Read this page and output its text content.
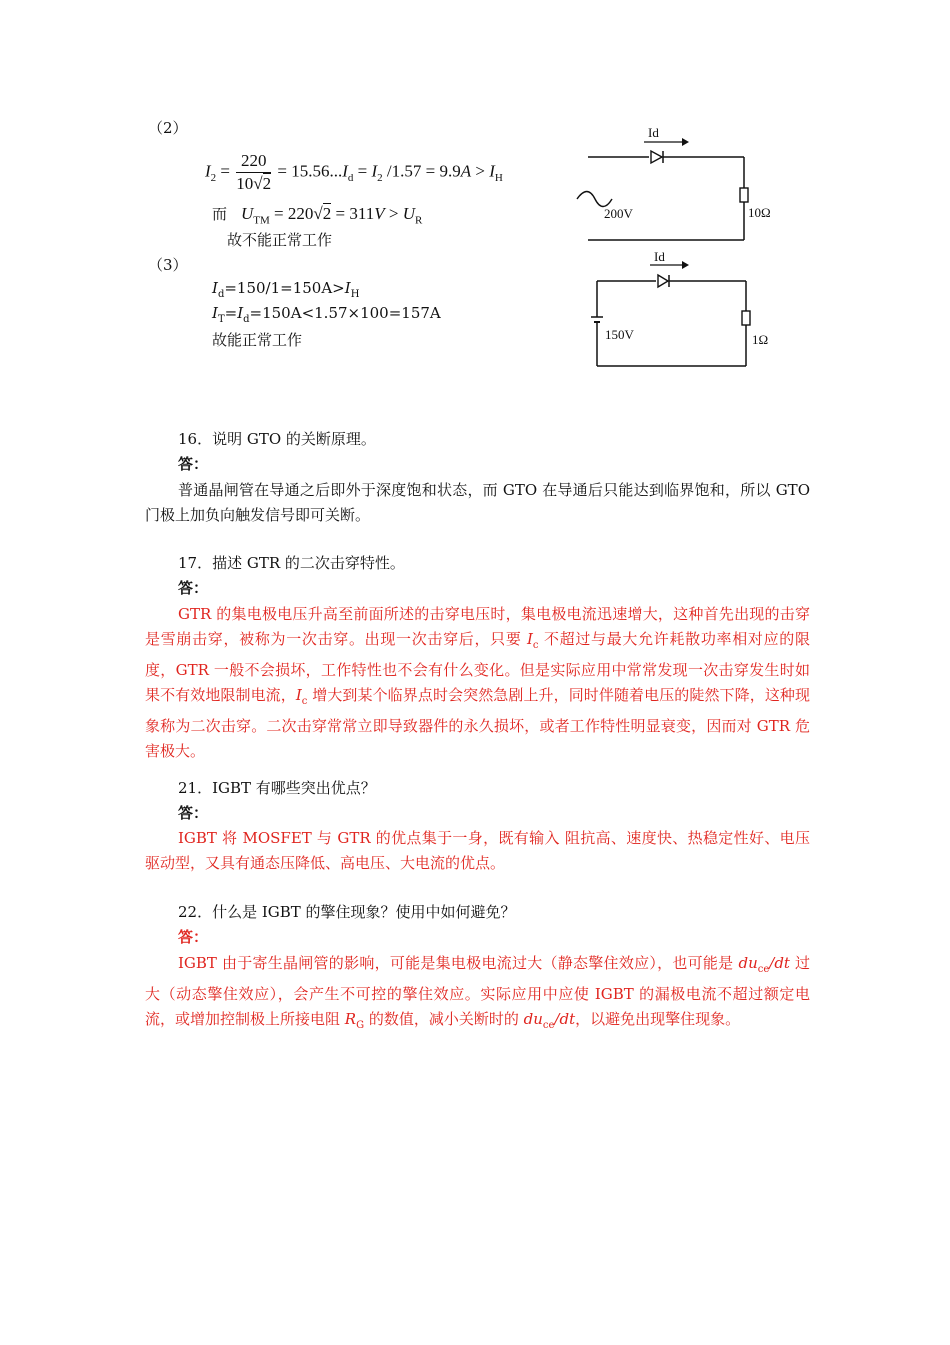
（2）
$I_2 = \frac{220}{10√2} = 15.56...I_d = I_2$ $/1.57 = 9.9A > I_H$
而 $U_{TM} = 220√2 = 311V > U_R$
故不能正常工作
Id
200V	10Ω
（3）
$I_d=150/1=150A>I_H$
$I_T=I_d=150A<1.57\times 100=157A$
故能正常工作
Id
150V	1Ω
16．说明 GTO 的关断原理。
答：
普通晶闸管在导通之后即外于深度饱和状态，而 GTO 在导通后只能达到临界饱和，所以 GTO 门极上加负向触发信号即可关断。
17．描述 GTR 的二次击穿特性。
答：
GTR 的集电极电压升高至前面所述的击穿电压时，集电极电流迅速增大，这种首先出现的击穿是雪崩击穿，被称为一次击穿。出现一次击穿后，只要 $I_c$ 不超过与最大允许耗散功率相对应的限度，GTR 一般不会损坏，工作特性也不会有什么变化。但是实际应用中常常发现一次击穿发生时如果不有效地限制电流，$I_c$ 增大到某个临界点时会突然急剧上升，同时伴随着电压的陡然下降，这种现象称为二次击穿。二次击穿常常立即导致器件的永久损坏，或者工作特性明显衰变，因而对 GTR 危害极大。
21．IGBT 有哪些突出优点？
答：
IGBT 将 MOSFET 与 GTR 的优点集于一身，既有输入 阻抗高、速度快、热稳定性好、电压驱动型，又具有通态压降低、高电压、大电流的优点。
22．什么是 IGBT 的擎住现象？使用中如何避免？
答：
IGBT 由于寄生晶闸管的影响，可能是集电极电流过大（静态擎住效应），也可能是 $du_{ce}/dt$ 过大（动态擎住效应），会产生不可控的擎住效应。实际应用中应使 IGBT 的漏极电流不超过额定电流，或增加控制极上所接电阻 $R_G$ 的数值，减小关断时的 $du_{ce}/dt$，以避免出现擎住现象。
